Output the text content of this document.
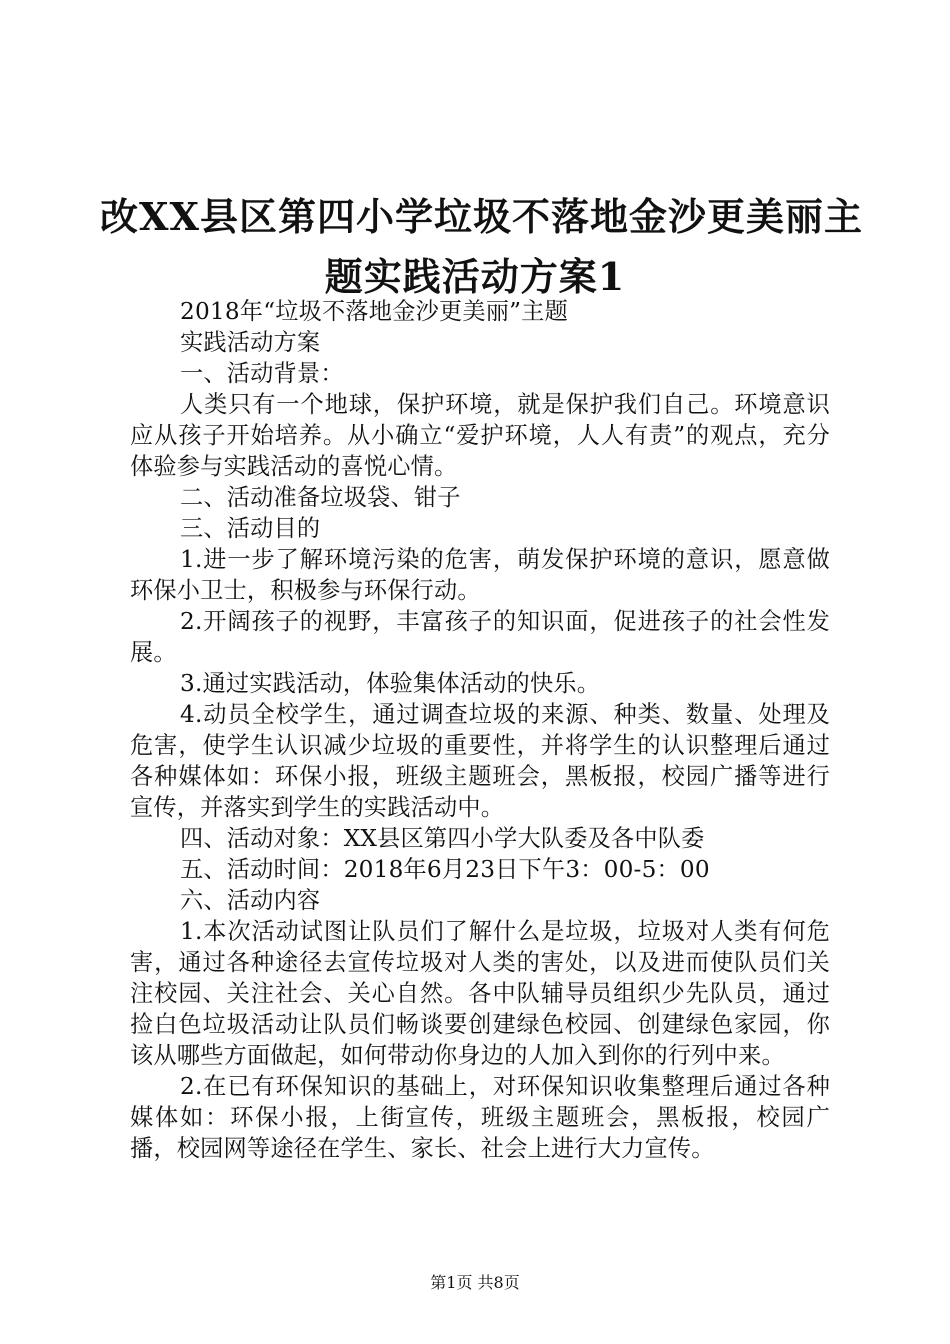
改XX县区第四小学垃圾不落地金沙更美丽主
题实践活动方案1

2018年“垃圾不落地金沙更美丽”主题

实践活动方案

一、活动背景：

人类只有一个地球，保护环境，就是保护我们自己。环境意识应从孩子开始培养。从小确立“爱护环境，人人有责”的观点，充分体验参与实践活动的喜悦心情。

二、活动准备垃圾袋、钳子

三、活动目的

1.进一步了解环境污染的危害，萌发保护环境的意识，愿意做环保小卫士，积极参与环保行动。

2.开阔孩子的视野，丰富孩子的知识面，促进孩子的社会性发展。

3.通过实践活动，体验集体活动的快乐。

4.动员全校学生，通过调查垃圾的来源、种类、数量、处理及危害，使学生认识减少垃圾的重要性，并将学生的认识整理后通过各种媒体如：环保小报，班级主题班会，黑板报，校园广播等进行宣传，并落实到学生的实践活动中。

四、活动对象：XX县区第四小学大队委及各中队委

五、活动时间：2018年6月23日下午3：00-5：00

六、活动内容

1.本次活动试图让队员们了解什么是垃圾，垃圾对人类有何危害，通过各种途径去宣传垃圾对人类的害处，以及进而使队员们关注校园、关注社会、关心自然。各中队辅导员组织少先队员，通过捡白色垃圾活动让队员们畅谈要创建绿色校园、创建绿色家园，你该从哪些方面做起，如何带动你身边的人加入到你的行列中来。

2.在已有环保知识的基础上，对环保知识收集整理后通过各种媒体如：环保小报，上街宣传，班级主题班会，黑板报，校园广播，校园网等途径在学生、家长、社会上进行大力宣传。

第1页 共8页
